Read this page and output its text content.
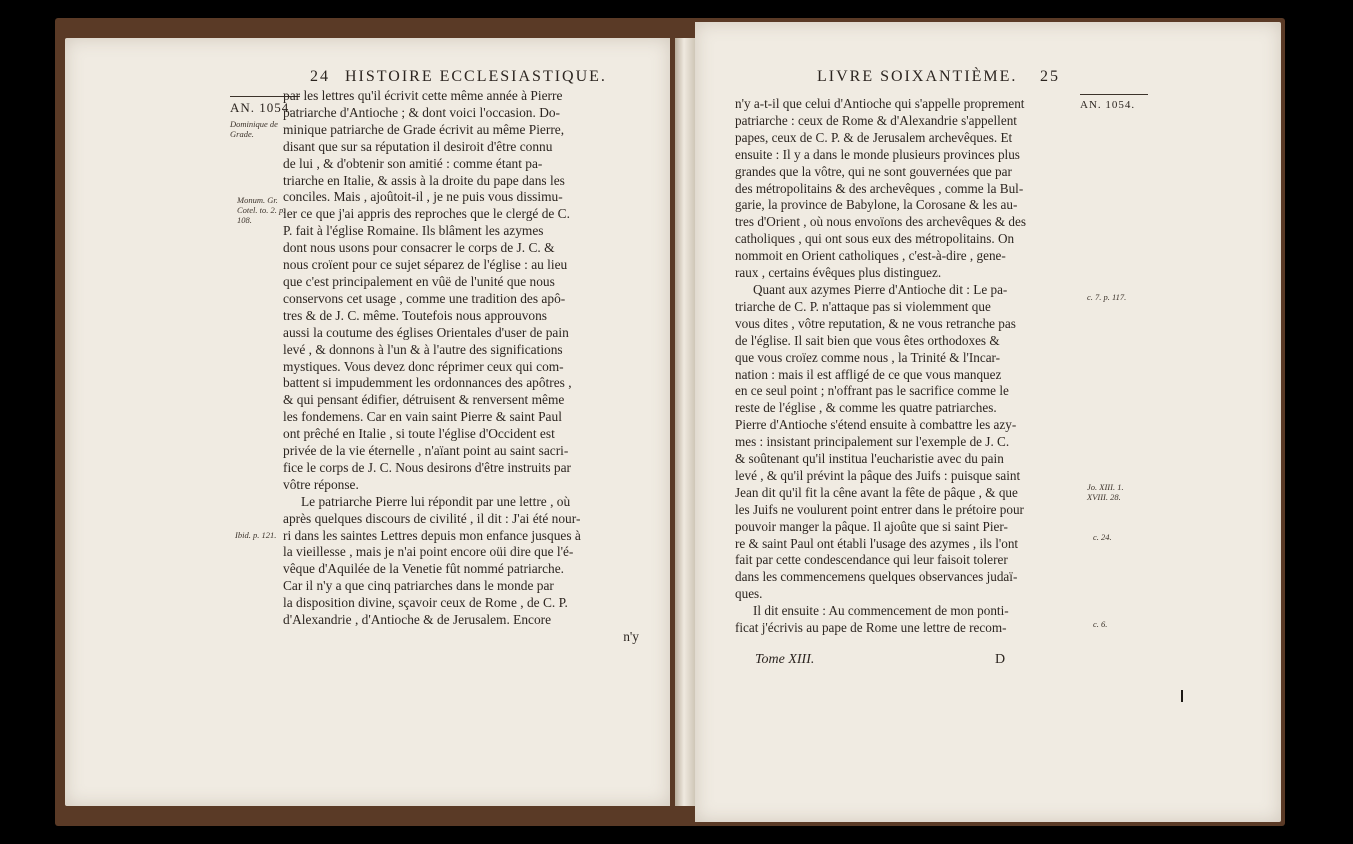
24 HISTOIRE ECCLESIASTIQUE.
AN. 1054.
Dominique de
Grade.
Monum. Gr.
Cotel. to. 2. p.
108.
Ibid. p. 121.
par les lettres qu'il écrivit cette même année à Pierre
patriarche d'Antioche ; & dont voici l'occasion. Do-
minique patriarche de Grade écrivit au même Pierre,
disant que sur sa réputation il desiroit d'être connu
de lui , & d'obtenir son amitié : comme étant pa-
triarche en Italie, & assis à la droite du pape dans les
conciles. Mais , ajoûtoit-il , je ne puis vous dissimu-
ler ce que j'ai appris des reproches que le clergé de C.
P. fait à l'église Romaine. Ils blâment les azymes
dont nous usons pour consacrer le corps de J. C. &
nous croïent pour ce sujet séparez de l'église : au lieu
que c'est principalement en vûë de l'unité que nous
conservons cet usage , comme une tradition des apô-
tres & de J. C. même. Toutefois nous approuvons
aussi la coutume des églises Orientales d'user de pain
levé , & donnons à l'un & à l'autre des significations
mystiques. Vous devez donc réprimer ceux qui com-
battent si impudemment les ordonnances des apôtres ,
& qui pensant édifier, détruisent & renversent même
les fondemens. Car en vain saint Pierre & saint Paul
ont prêché en Italie , si toute l'église d'Occident est
privée de la vie éternelle , n'aïant point au saint sacri-
fice le corps de J. C. Nous desirons d'être instruits par
vôtre réponse.
Le patriarche Pierre lui répondit par une lettre , où
après quelques discours de civilité , il dit : J'ai été nour-
ri dans les saintes Lettres depuis mon enfance jusques à
la vieillesse , mais je n'ai point encore oüi dire que l'é-
vêque d'Aquilée de la Venetie fût nommé patriarche.
Car il n'y a que cinq patriarches dans le monde par
la disposition divine, sçavoir ceux de Rome , de C. P.
d'Alexandrie , d'Antioche & de Jerusalem. Encore
n'y
LIVRE SOIXANTIÈME. 25
AN. 1054.
c. 7. p. 117.
Jo. XIII. 1.
XVIII. 28.
c. 24.
c. 6.
n'y a-t-il que celui d'Antioche qui s'appelle proprement
patriarche : ceux de Rome & d'Alexandrie s'appellent
papes, ceux de C. P. & de Jerusalem archevêques. Et
ensuite : Il y a dans le monde plusieurs provinces plus
grandes que la vôtre, qui ne sont gouvernées que par
des métropolitains & des archevêques , comme la Bul-
garie, la province de Babylone, la Corosane & les au-
tres d'Orient , où nous envoïons des archevêques & des
catholiques , qui ont sous eux des métropolitains. On
nommoit en Orient catholiques , c'est-à-dire , gene-
raux , certains évêques plus distinguez.
Quant aux azymes Pierre d'Antioche dit : Le pa-
triarche de C. P. n'attaque pas si violemment que
vous dites , vôtre reputation, & ne vous retranche pas
de l'église. Il sait bien que vous êtes orthodoxes &
que vous croïez comme nous , la Trinité & l'Incar-
nation : mais il est affligé de ce que vous manquez
en ce seul point ; n'offrant pas le sacrifice comme le
reste de l'église , & comme les quatre patriarches.
Pierre d'Antioche s'étend ensuite à combattre les azy-
mes : insistant principalement sur l'exemple de J. C.
& soûtenant qu'il institua l'eucharistie avec du pain
levé , & qu'il prévint la pâque des Juifs : puisque saint
Jean dit qu'il fit la cêne avant la fête de pâque , & que
les Juifs ne voulurent point entrer dans le prétoire pour
pouvoir manger la pâque. Il ajoûte que si saint Pier-
re & saint Paul ont établi l'usage des azymes , ils l'ont
fait par cette condescendance qui leur faisoit tolerer
dans les commencemens quelques observances judaï-
ques.
Il dit ensuite : Au commencement de mon ponti-
ficat j'écrivis au pape de Rome une lettre de recom-
Tome XIII.	D
